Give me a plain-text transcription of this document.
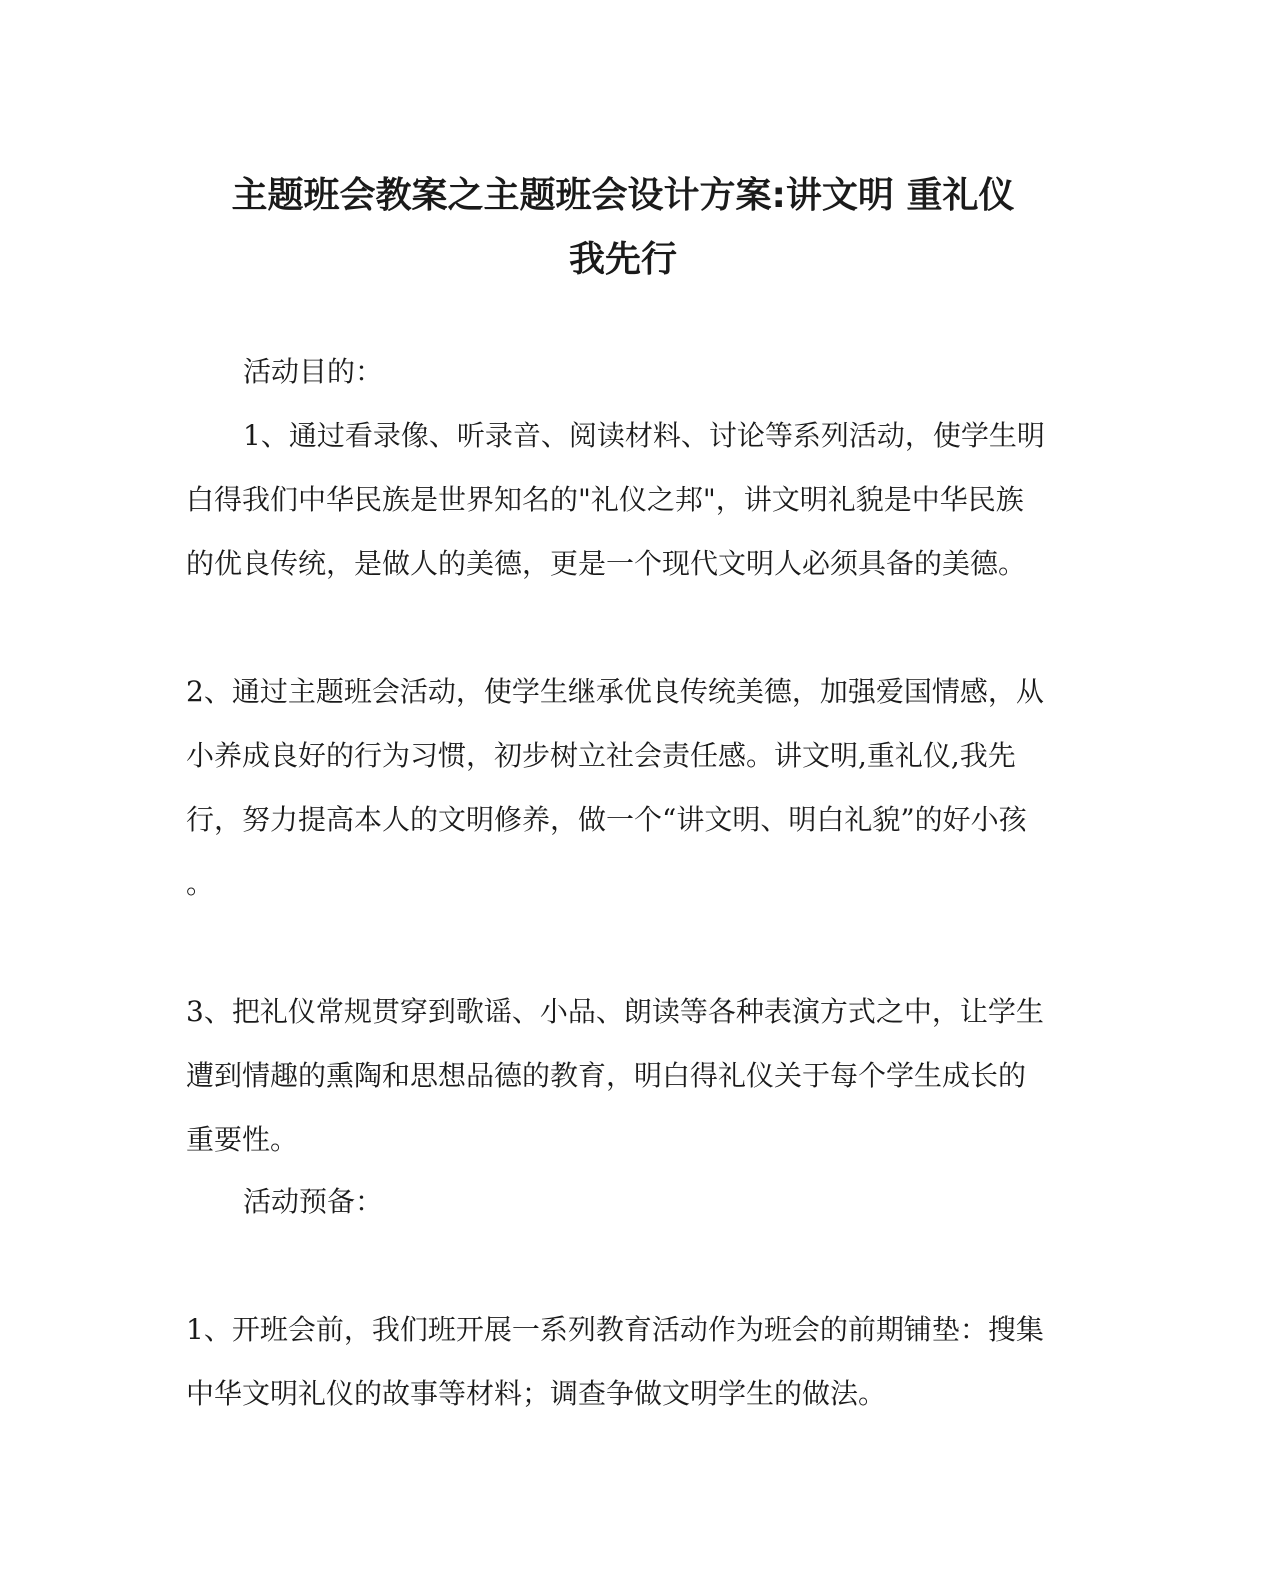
主题班会教案之主题班会设计方案:讲文明 重礼仪
我先行

活动目的：

1、通过看录像、听录音、阅读材料、讨论等系列活动，使学生明

白得我们中华民族是世界知名的"礼仪之邦"，讲文明礼貌是中华民族

的优良传统，是做人的美德，更是一个现代文明人必须具备的美德。

2、通过主题班会活动，使学生继承优良传统美德，加强爱国情感，从

小养成良好的行为习惯，初步树立社会责任感。讲文明,重礼仪,我先

行，努力提高本人的文明修养，做一个“讲文明、明白礼貌”的好小孩

。

3、把礼仪常规贯穿到歌谣、小品、朗读等各种表演方式之中，让学生

遭到情趣的熏陶和思想品德的教育，明白得礼仪关于每个学生成长的

重要性。

活动预备：

1、开班会前，我们班开展一系列教育活动作为班会的前期铺垫：搜集

中华文明礼仪的故事等材料；调查争做文明学生的做法。
